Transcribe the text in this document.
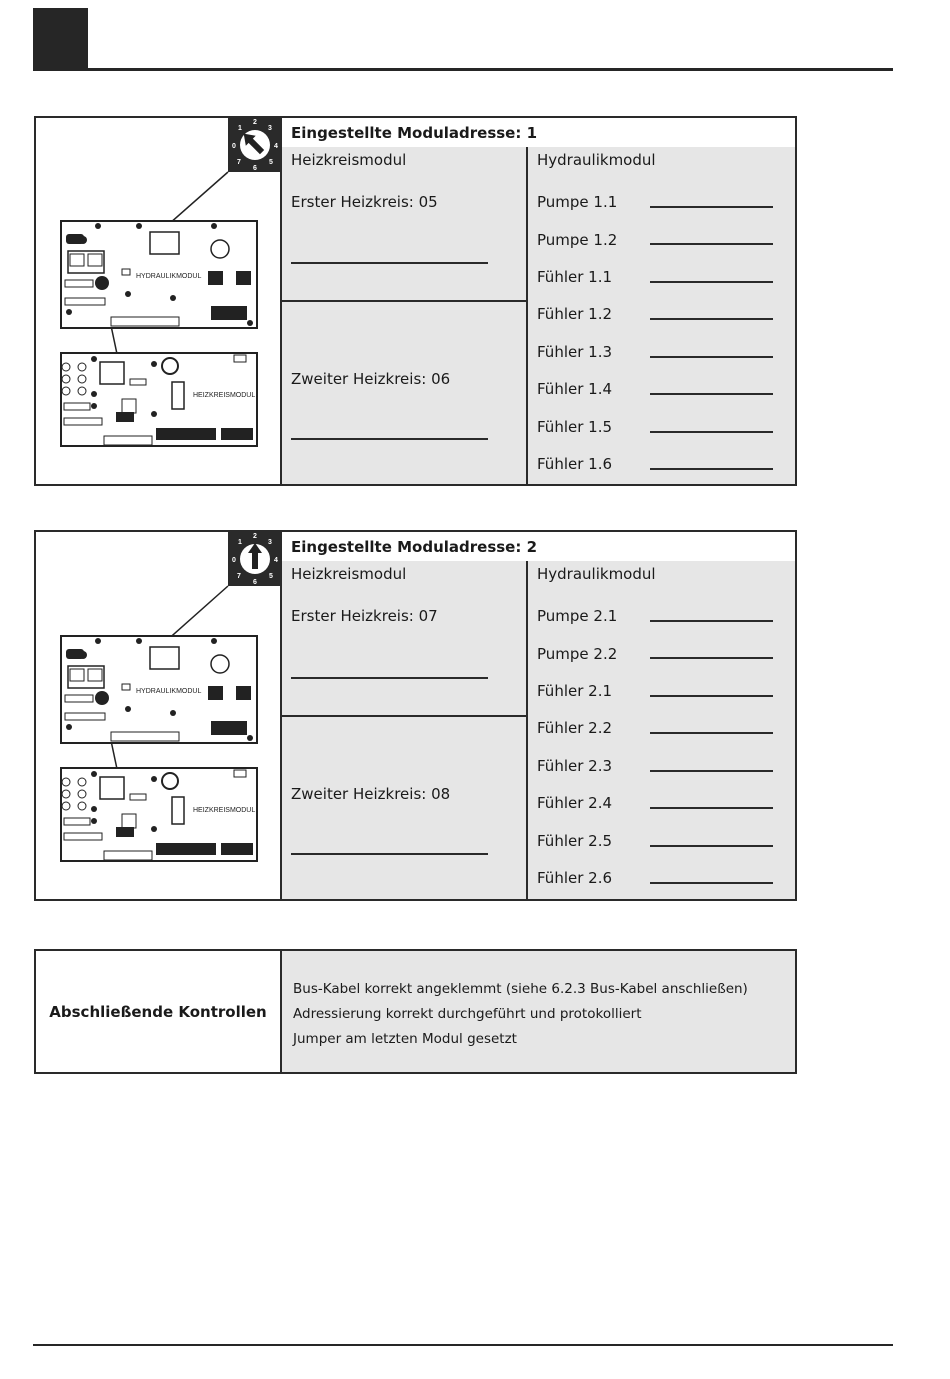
HYDRAULIKMODUL
HEIZKREISMODUL
Eingestellte Moduladresse: 1
Heizkreismodul	Hydraulikmodul
Erster Heizkreis: 05
Zweiter Heizkreis: 06
Pumpe 1.1
Pumpe 1.2
Fühler 1.1
Fühler 1.2
Fühler 1.3
Fühler 1.4
Fühler 1.5
Fühler 1.6
0
1
2
3
4
5
6
7
HYDRAULIKMODUL
HEIZKREISMODUL
Eingestellte Moduladresse: 2
Heizkreismodul	Hydraulikmodul
Erster Heizkreis: 07
Zweiter Heizkreis: 08
Pumpe 2.1
Pumpe 2.2
Fühler 2.1
Fühler 2.2
Fühler 2.3
Fühler 2.4
Fühler 2.5
Fühler 2.6
0
1
2
3
4
5
6
7
Abschließende Kontrollen
Bus-Kabel korrekt angeklemmt (siehe 6.2.3 Bus-Kabel anschließen)
Adressierung korrekt durchgeführt und protokolliert
Jumper am letzten Modul gesetzt
